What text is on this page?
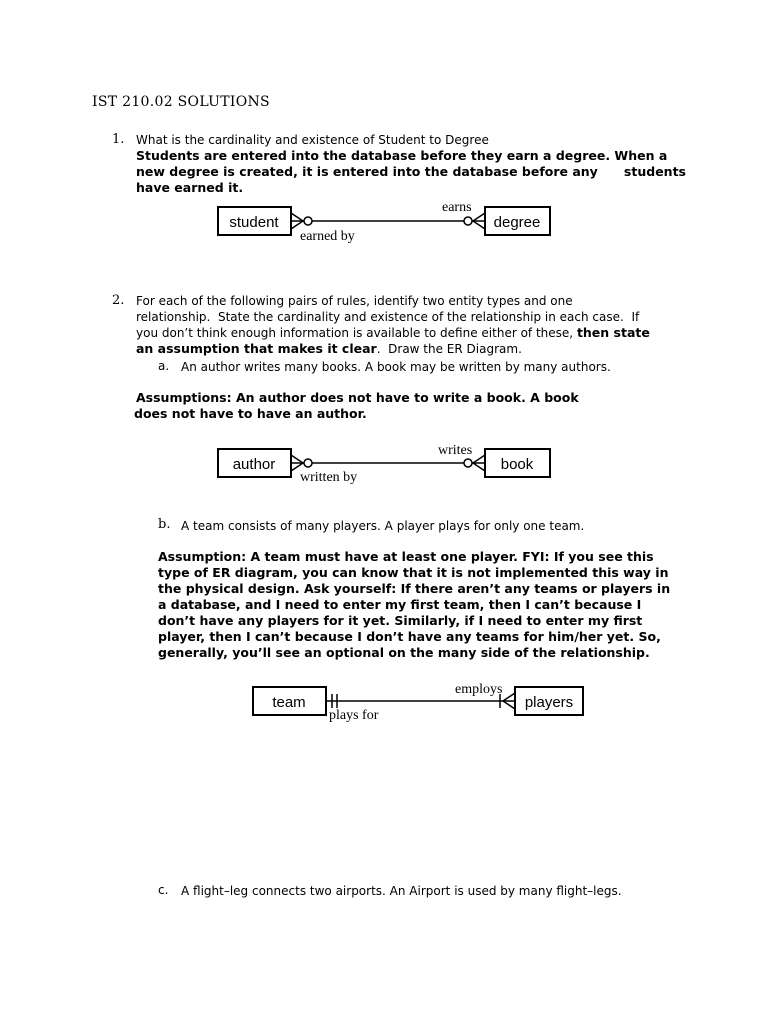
IST 210.02 SOLUTIONS
1. What is the cardinality and existence of Student to Degree
Students are entered into the database before they earn a degree. When a
new degree is created, it is entered into the database before any      students
have earned it.
student	degree
earns
earned by
2. For each of the following pairs of rules, identify two entity types and one
relationship.  State the cardinality and existence of the relationship in each case.  If
you don’t think enough information is available to define either of these, then state
an assumption that makes it clear.  Draw the ER Diagram.
a. An author writes many books. A book may be written by many authors.
Assumptions: An author does not have to write a book. A book
does not have to have an author.
author	book
writes
written by
b. A team consists of many players. A player plays for only one team.
Assumption: A team must have at least one player. FYI: If you see this
type of ER diagram, you can know that it is not implemented this way in
the physical design. Ask yourself: If there aren’t any teams or players in
a database, and I need to enter my first team, then I can’t because I
don’t have any players for it yet. Similarly, if I need to enter my first
player, then I can’t because I don’t have any teams for him/her yet. So,
generally, you’ll see an optional on the many side of the relationship.
team	players
employs
plays for
c. A flight–leg connects two airports. An Airport is used by many flight–legs.
